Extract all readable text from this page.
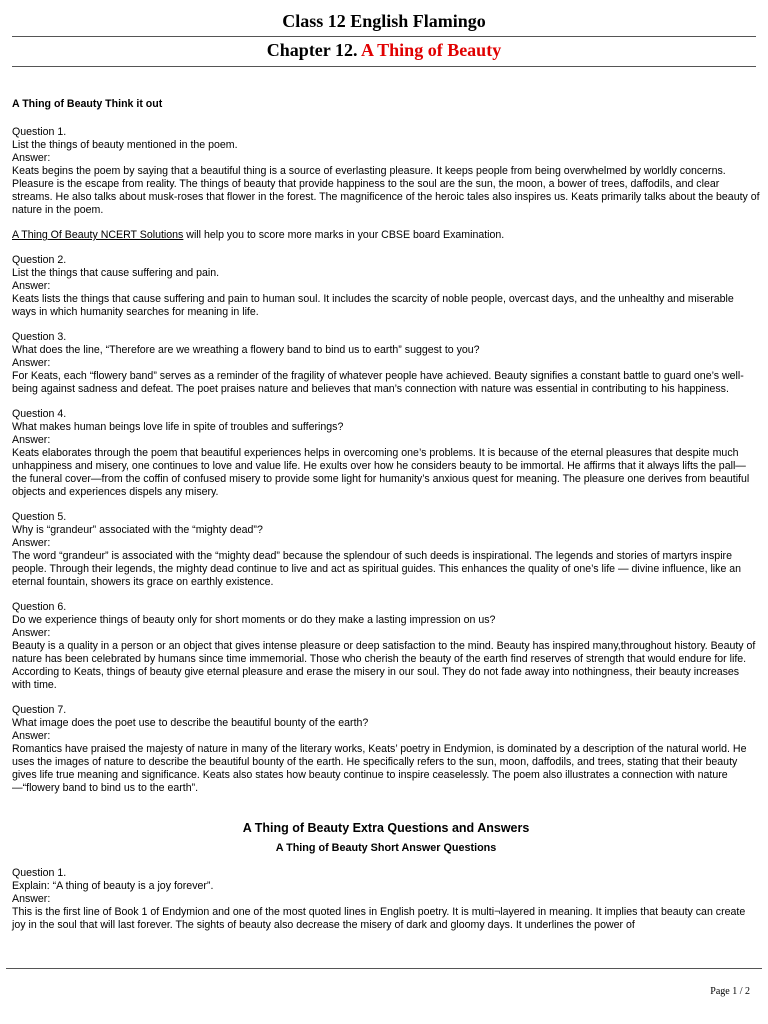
Class 12 English Flamingo
Chapter 12. A Thing of Beauty

A Thing of Beauty Think it out

Question 1.

List the things of beauty mentioned in the poem.

Answer:

Keats begins the poem by saying that a beautiful thing is a source of everlasting pleasure. It keeps people from being overwhelmed by worldly concerns. Pleasure is the escape from reality. The things of beauty that provide happiness to the soul are the sun, the moon, a bower of trees, daffodils, and clear streams. He also talks about musk-roses that flower in the forest. The magnificence of the heroic tales also inspires us. Keats primarily talks about the beauty of nature in the poem.

A Thing Of Beauty NCERT Solutions will help you to score more marks in your CBSE board Examination.

Question 2.

List the things that cause suffering and pain.

Answer:

Keats lists the things that cause suffering and pain to human soul. It includes the scarcity of noble people, overcast days, and the unhealthy and miserable ways in which humanity searches for meaning in life.

Question 3.

What does the line, “Therefore are we wreathing a flowery band to bind us to earth” suggest to you?

Answer:

For Keats, each “flowery band” serves as a reminder of the fragility of whatever people have achieved. Beauty signifies a constant battle to guard one’s well-being against sadness and defeat. The poet praises nature and believes that man’s connection with nature was essential in contributing to his happiness.

Question 4.

What makes human beings love life in spite of troubles and sufferings?

Answer:

Keats elaborates through the poem that beautiful experiences helps in overcoming one’s problems. It is because of the eternal pleasures that despite much unhappiness and misery, one continues to love and value life. He exults over how he considers beauty to be immortal. He affirms that it always lifts the pall—the funeral cover—from the coffin of confused misery to provide some light for humanity’s anxious quest for meaning. The pleasure one derives from beautiful objects and experiences dispels any misery.

Question 5.

Why is “grandeur” associated with the “mighty dead”?

Answer:

The word “grandeur” is associated with the “mighty dead” because the splendour of such deeds is inspirational. The legends and stories of martyrs inspire people. Through their legends, the mighty dead continue to live and act as spiritual guides. This enhances the quality of one’s life — divine influence, like an eternal fountain, showers its grace on earthly existence.

Question 6.

Do we experience things of beauty only for short moments or do they make a lasting impression on us?

Answer:

Beauty is a quality in a person or an object that gives intense pleasure or deep satisfaction to the mind. Beauty has inspired many,throughout history. Beauty of nature has been celebrated by humans since time immemorial. Those who cherish the beauty of the earth find reserves of strength that would endure for life. According to Keats, things of beauty give eternal pleasure and erase the misery in our soul. They do not fade away into nothingness, their beauty increases with time.

Question 7.

What image does the poet use to describe the beautiful bounty of the earth?

Answer:

Romantics have praised the majesty of nature in many of the literary works, Keats’ poetry in Endymion, is dominated by a description of the natural world. He uses the images of nature to describe the beautiful bounty of the earth. He specifically refers to the sun, moon, daffodils, and trees, stating that their beauty gives life true meaning and significance. Keats also states how beauty continue to inspire ceaselessly. The poem also illustrates a connection with nature—“flowery band to bind us to the earth”.

A Thing of Beauty Extra Questions and Answers

A Thing of Beauty Short Answer Questions

Question 1.

Explain: “A thing of beauty is a joy forever”.

Answer:

This is the first line of Book 1 of Endymion and one of the most quoted lines in English poetry. It is multi¬layered in meaning. It implies that beauty can create joy in the soul that will last forever. The sights of beauty also decrease the misery of dark and gloomy days. It underlines the power of

Page 1 / 2
